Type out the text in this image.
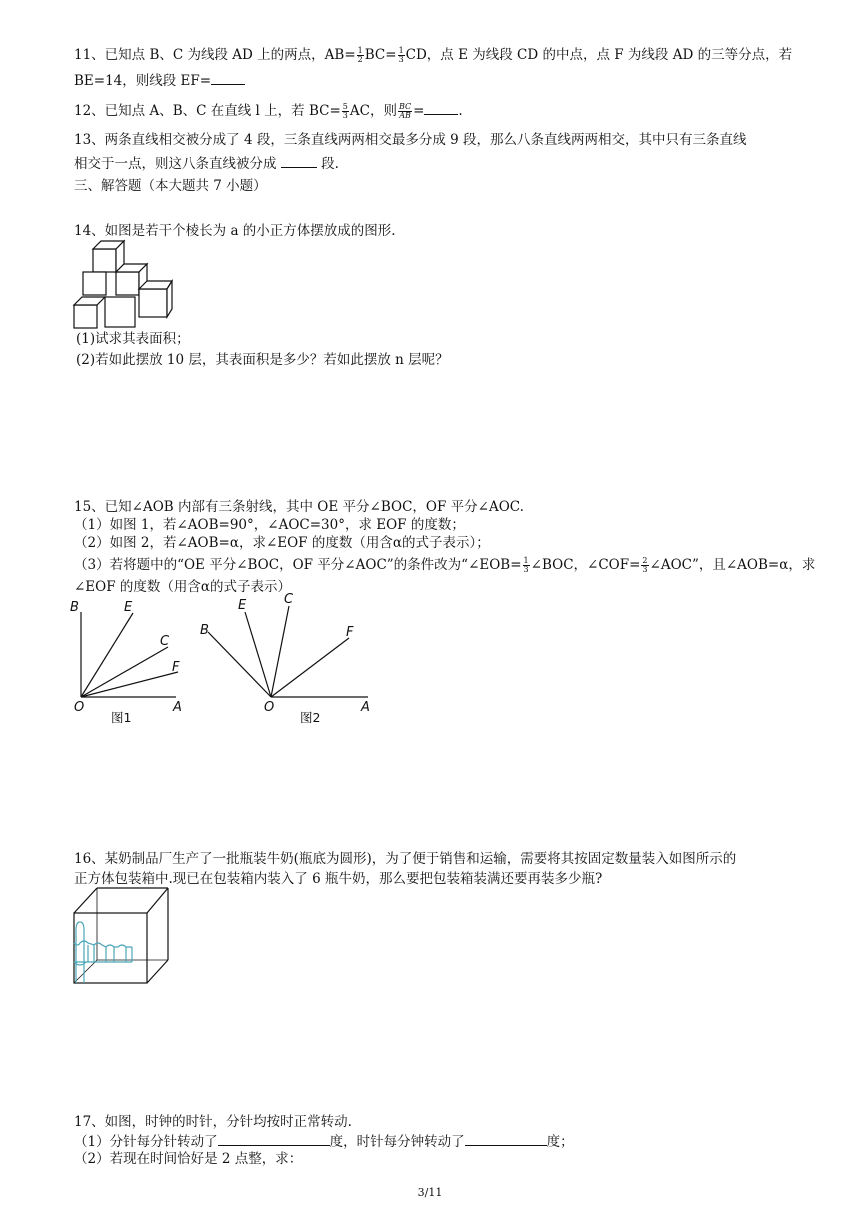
11、已知点 B、C 为线段 AD 上的两点，$AB= \frac{1}{2} BC= \frac{1}{3}$ CD，点 E 为线段 CD 的中点，点 F 为线段 AD 的三等分点，若
BE=14，则线段 EF=
12、已知点 A、B、C 在直线 l 上，若 $BC= \frac{5}{3}$ AC，则 $\frac{BC}{AB}$ =	.
13、两条直线相交被分成了 4 段，三条直线两两相交最多分成 9 段，那么八条直线两两相交，其中只有三条直线
相交于一点，则这八条直线被分成	段.
三、解答题（本大题共 7 小题）
14、如图是若干个棱长为 a 的小正方体摆放成的图形.
(1)试求其表面积；
(2)若如此摆放 10 层，其表面积是多少？若如此摆放 n 层呢？
15、已知∠AOB 内部有三条射线，其中 OE 平分∠BOC，OF 平分∠AOC.
（1）如图 1，若∠AOB=90°，∠AOC=30°，求 EOF 的度数；
（2）如图 2，若∠AOB=α，求∠EOF 的度数（用含α的式子表示）；
（3）若将题中的“OE 平分∠BOC，OF 平分∠AOC”的条件改为“∠EOB= $\frac{1}{3}$ ∠BOC，∠COF= $\frac{2}{3}$ ∠AOC”，且∠AOB=α，求
∠EOF 的度数（用含α的式子表示）
B	E
C
F
O	A
E	C
B	F
O	A
图1	图2
16、某奶制品厂生产了一批瓶装牛奶(瓶底为圆形)，为了便于销售和运输，需要将其按固定数量装入如图所示的
正方体包装箱中.现已在包装箱内装入了 6 瓶牛奶，那么要把包装箱装满还要再装多少瓶?
17、如图，时钟的时针，分针均按时正常转动.
（1）分针每分针转动了	度，时针每分钟转动了	度；
（2）若现在时间恰好是 2 点整，求：
3/11
